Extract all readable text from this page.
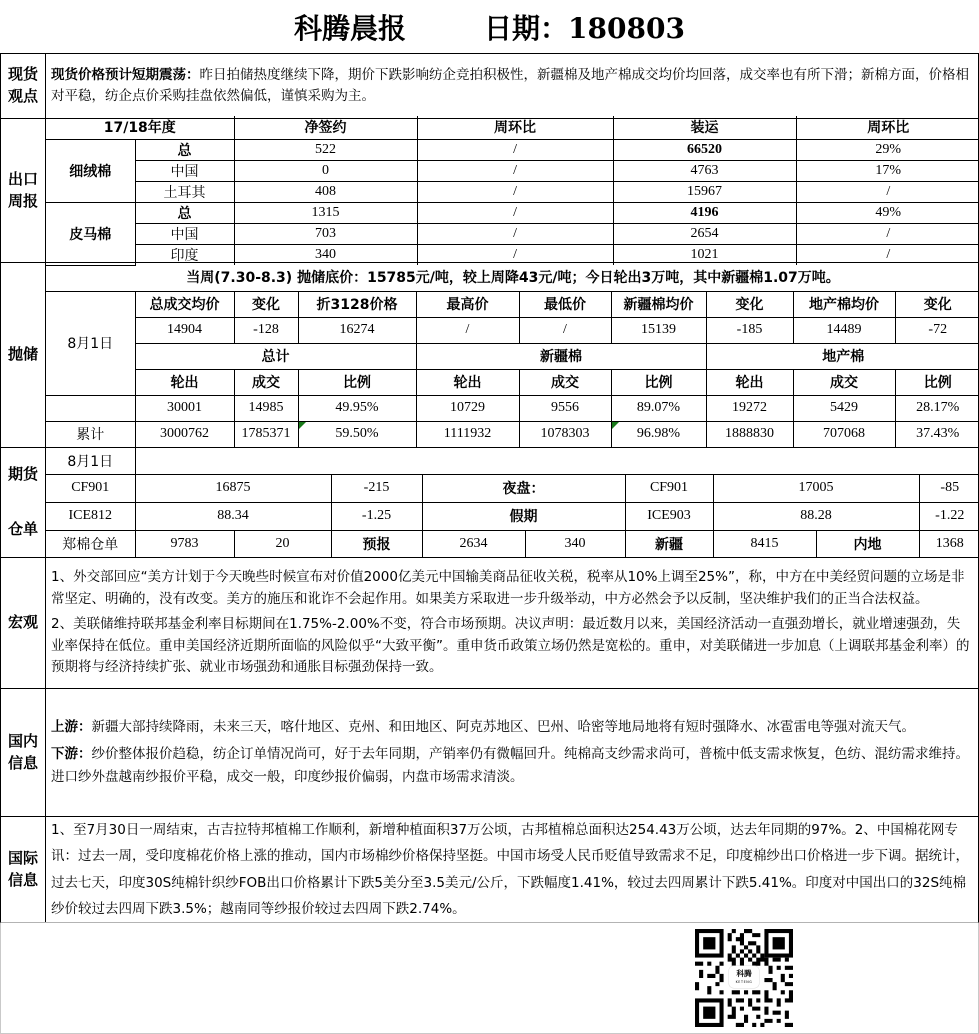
科腾晨报	日期：180803
现货观点
现货价格预计短期震荡：昨日拍储热度继续下降，期价下跌影响纺企竞拍积极性，新疆棉及地产棉成交均价均回落，成交率也有所下滑；新棉方面，价格相对平稳，纺企点价采购挂盘依然偏低，谨慎采购为主。
出口周报
17/18年度		净签约	周环比	装运	周环比
细绒棉	总	522	/	66520	29%
	中国	0	/	4763	17%
	土耳其	408	/	15967	/
皮马棉	总	1315	/	4196	49%
	中国	703	/	2654	/
	印度	340	/	1021	/
抛储
当周(7.30-8.3) 抛储底价：15785元/吨，较上周降43元/吨；今日轮出3万吨，其中新疆棉1.07万吨。									
8月1日	总成交均价	变化	折3128价格	最高价	最低价	新疆棉均价	变化	地产棉均价	变化
	14904	-128	16274	/	/	15139	-185	14489	-72
	总计			新疆棉			地产棉		
	轮出	成交	比例	轮出	成交	比例	轮出	成交	比例
	30001	14985	49.95%	10729	9556	89.07%	19272	5429	28.17%
累计	3000762	1785371	59.50%	1111932	1078303	96.98%	1888830	707068	37.43%
期货
仓单
8月1日									
CF901	16875		-215	夜盘：		CF901	17005		-85
ICE812	88.34		-1.25	假期		ICE903	88.28		-1.22
郑棉仓单	9783	20	预报	2634	340	新疆	8415	内地	1368
宏观
1、外交部回应“美方计划于今天晚些时候宣布对价值2000亿美元中国输美商品征收关税，税率从10%上调至25%”，称，中方在中美经贸问题的立场是非常坚定、明确的，没有改变。美方的施压和讹诈不会起作用。如果美方采取进一步升级举动，中方必然会予以反制，坚决维护我们的正当合法权益。
2、美联储维持联邦基金利率目标期间在1.75%-2.00%不变，符合市场预期。决议声明：最近数月以来，美国经济活动一直强劲增长，就业增速强劲，失业率保持在低位。重申美国经济近期所面临的风险似乎“大致平衡”。重申货币政策立场仍然是宽松的。重申，对美联储进一步加息（上调联邦基金利率）的预期将与经济持续扩张、就业市场强劲和通胀目标强劲保持一致。
国内信息
上游：新疆大部持续降雨，未来三天，喀什地区、克州、和田地区、阿克苏地区、巴州、哈密等地局地将有短时强降水、冰雹雷电等强对流天气。
下游：纱价整体报价趋稳，纺企订单情况尚可，好于去年同期，产销率仍有微幅回升。纯棉高支纱需求尚可，普梳中低支需求恢复，色纺、混纺需求维持。进口纱外盘越南纱报价平稳，成交一般，印度纱报价偏弱，内盘市场需求清淡。
国际信息
1、至7月30日一周结束，古吉拉特邦植棉工作顺利，新增种植面积37万公顷，古邦植棉总面积达254.43万公顷，达去年同期的97%。2、中国棉花网专讯：过去一周，受印度棉花价格上涨的推动，国内市场棉纱价格保持坚挺。中国市场受人民币贬值导致需求不足，印度棉纱出口价格进一步下调。据统计，过去七天，印度30S纯棉针织纱FOB出口价格累计下跌5美分至3.5美元/公斤，下跌幅度1.41%，较过去四周累计下跌5.41%。印度对中国出口的32S纯棉纱价较过去四周下跌3.5%；越南同等纱报价较过去四周下跌2.74%。
科腾
KETENG
